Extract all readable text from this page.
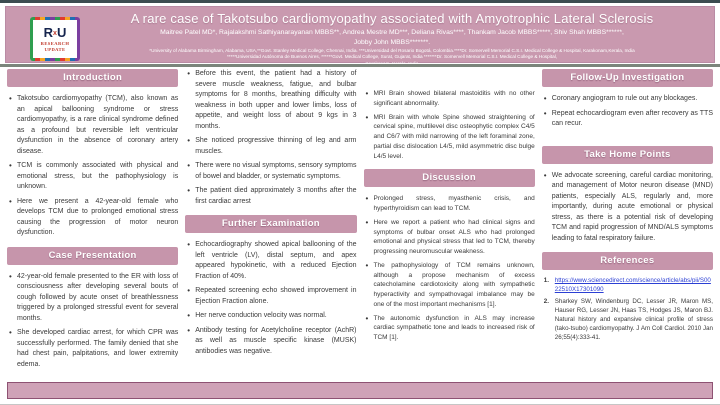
RxU
RESEARCH UPDATE
A rare case of Takotsubo cardiomyopathy associated with Amyotrophic Lateral Sclerosis
Maitree Patel MD*, Rajalakshmi Sathiyanarayanan MBBS**, Andrea Mestre MD***, Deliana Rivas****, Thankam Jacob MBBS*****, Shiv Shah MBBS******,
Jobby John MBBS*******.
*University of Alabama Birmingham, Alabama, USA,**Govt. Stanley Medical College, Chennai, India. ***Universidad del Rosario Bogotá, Colombia.****Dr. Somervell Memorial C.S.I. Medical College & Hospital, Karakonam,Kerala, India
*****Universidad Autónoma de Buenos Aires, ******Govt. Medical College, Surat, Gujarat, India *******Dr. Somervell Memorial C.S.I. Medical College & Hospital,
Introduction
• Takotsubo cardiomyopathy (TCM), also known as an apical ballooning syndrome or stress cardiomyopathy, is a rare clinical syndrome defined as a profound but reversible left ventricular dysfunction in the absence of coronary artery disease.
• TCM is commonly associated with physical and emotional stress, but the pathophysiology is unknown.
• Here we present a 42-year-old female who develops TCM due to prolonged emotional stress causing the progression of motor neuron dysfunction.
Case Presentation
• 42-year-old female presented to the ER with loss of consciousness after developing several bouts of cough followed by acute onset of breathlessness triggered by a prolonged stressful event for several months.
• She developed cardiac arrest, for which CPR was successfully performed. The family denied that she had chest pain, palpitations, and lower extremity edema.
• Before this event, the patient had a history of severe muscle weakness, fatigue, and bulbar symptoms for 8 months, breathing difficulty with weakness in both upper and lower limbs, loss of appetite, and weight loss of about 9 kgs in 3 months.
• She noticed progressive thinning of leg and arm muscles.
• There were no visual symptoms, sensory symptoms of bowel and bladder, or systematic symptoms.
• The patient died approximately 3 months after the first cardiac arrest
Further Examination
• Echocardiography showed apical ballooning of the left ventricle (LV), distal septum, and apex appeared hypokinetic, with a reduced Ejection Fraction of 40%.
• Repeated screening echo showed improvement in Ejection Fraction alone.
• Her nerve conduction velocity was normal.
• Antibody testing for Acetylcholine receptor (AchR) as well as muscle specific kinase (MUSK) antibodies was negative.
• MRI Brain showed bilateral mastoiditis with no other significant abnormality.
• MRI Brain with whole Spine showed straightening of cervical spine, multilevel disc osteophytic complex C4/5 and C6/7 with mild narrowing of the left foraminal zone, partial disc dislocation L4/5, mild asymmetric disc bulge L4/5 level.
Discussion
• Prolonged stress, myasthenic crisis, and hyperthyroidism can lead to TCM.
• Here we report a patient who had clinical signs and symptoms of bulbar onset ALS who had prolonged emotional and physical stress that led to TCM, thereby progressing neuromuscular weakness.
• The pathophysiology of TCM remains unknown, although a propose mechanism of excess catecholamine cardiotoxicity along with sympathetic hyperactivity and sympathovagal imbalance may be one of the most important mechanisms [1].
• The autonomic dysfunction in ALS may increase cardiac sympathetic tone and leads to increased risk of TCM [1].
Follow-Up Investigation
• Coronary angiogram to rule out any blockages.
• Repeat echocardiogram even after recovery as TTS can recur.
Take Home Points
• We advocate screening, careful cardiac monitoring, and management of Motor neuron disease (MND) patients, especially ALS, regularly and, more importantly, during acute emotional or physical stress, as there is a potential risk of developing TCM and rapid progression of MND/ALS symptoms leading to fatal respiratory failure.
References
https://www.sciencedirect.com/science/article/abs/pii/S0022510X17301090
Sharkey SW, Windenburg DC, Lesser JR, Maron MS, Hauser RG, Lesser JN, Haas TS, Hodges JS, Maron BJ. Natural history and expansive clinical profile of stress (tako-tsubo) cardiomyopathy. J Am Coll Cardiol. 2010 Jan 26;55(4):333-41.
